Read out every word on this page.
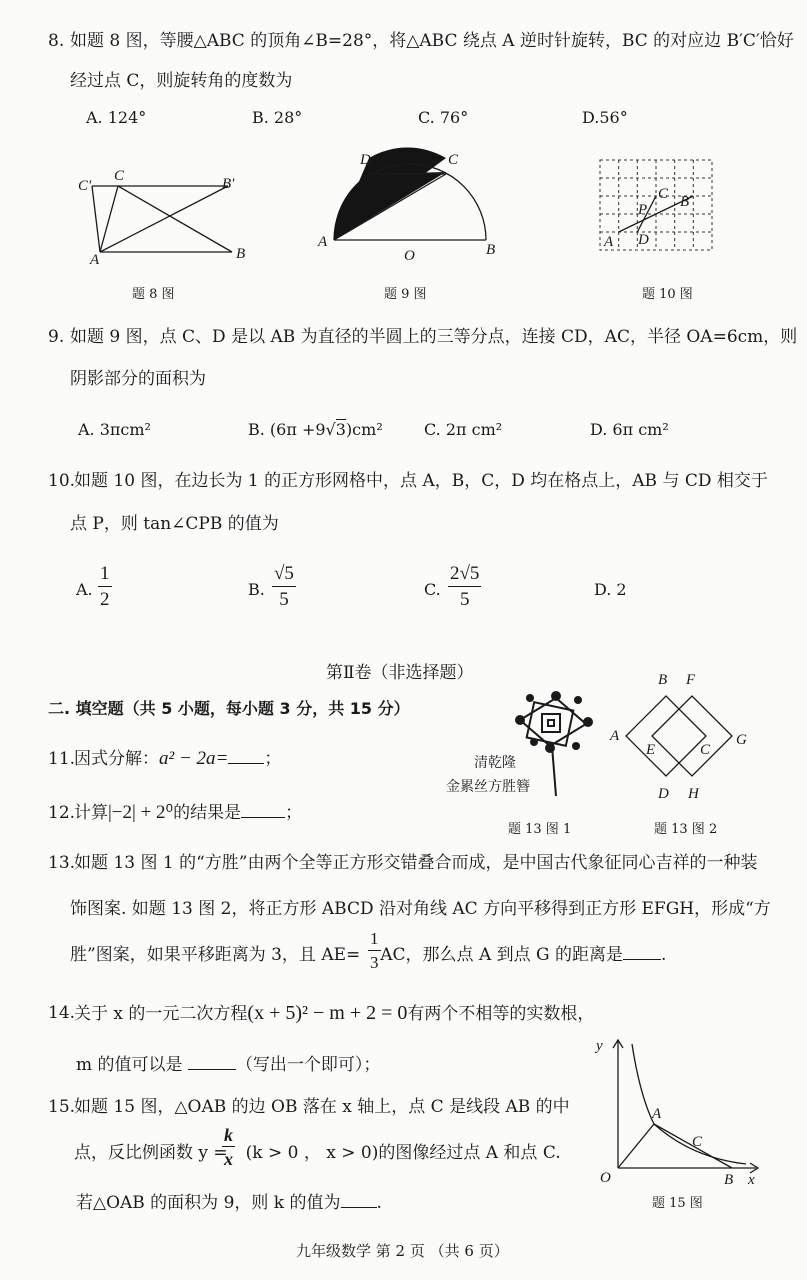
8. 如题 8 图，等腰△ABC 的顶角∠B=28°，将△ABC 绕点 A 逆时针旋转，BC 的对应边 B′C′恰好
经过点 C，则旋转角的度数为
A. 124°	B. 28°	C. 76°	D.56°
C′
C	B′
A	B
题 8 图
D	C
A
O	B
题 9 图
C
P B
A D
题 10 图
9. 如题 9 图，点 C、D 是以 AB 为直径的半圆上的三等分点，连接 CD，AC，半径 OA=6cm，则
阴影部分的面积为
A. 3πcm²	B. (6π +9√3)cm²	C. 2π cm²	D. 6π cm²
10.
如题 10 图，在边长为 1 的正方形网格中，点 A，B，C，D 均在格点上，AB 与 CD 相交于
点 P，则 tan∠CPB 的值为
A. $\frac{1}{2}$	B. $\frac{√5}{5}$	C. $\frac{2√5}{5}$	D. 2
第Ⅱ卷（非选择题）
二. 填空题（共 5 小题，每小题 3 分，共 15 分）
清乾隆
金累丝方胜簪
题 13 图 1
B F
A
E	C
G
D H
题 13 图 2
11.
因式分解：a² − 2a= ；
12.
计算|−2| + 2⁰的结果是	；
13.
如题 13 图 1 的“方胜”由两个全等正方形交错叠合而成，是中国古代象征同心吉祥的一种装
饰图案. 如题 13 图 2，将正方形 ABCD 沿对角线 AC 方向平移得到正方形 EFGH，形成“方
胜”图案，如果平移距离为 3，且 AE= AC，那么点 A 到点 G 的距离是 .
$\frac{1}{3}$
14.
关于 x 的一元二次方程(x + 5)² − m + 2 = 0有两个不相等的实数根，
m 的值可以是	（写出一个即可）；
y
A
C
O	B x
题 15 图
15.
如题 15 图，△OAB 的边 OB 落在 x 轴上，点 C 是线段 AB 的中
点，反比例函数 y = (k > 0 ， x > 0)的图像经过点 A 和点 C.
$\frac{k}{x}$
若△OAB 的面积为 9，则 k 的值为 .
九年级数学 第 2 页 （共 6 页）
